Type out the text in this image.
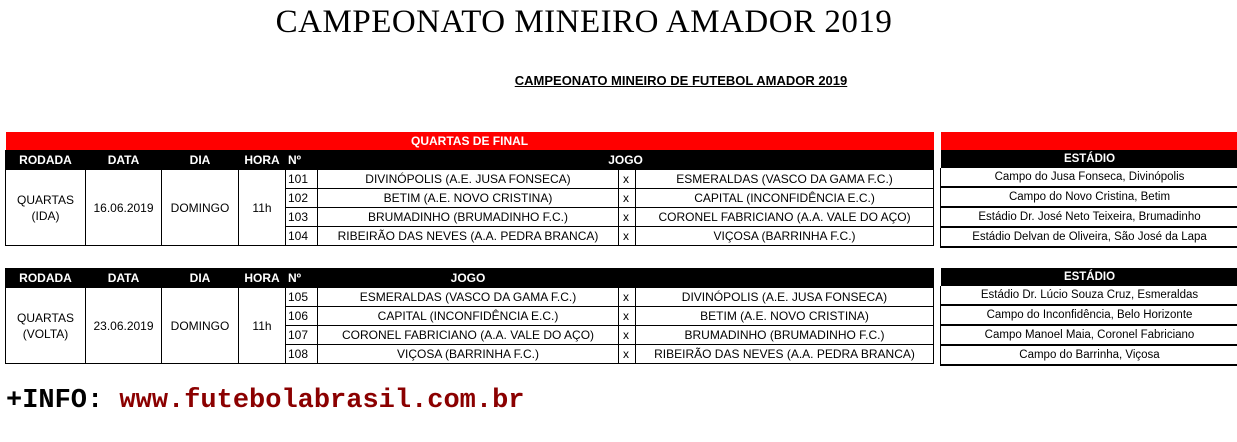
CAMPEONATO MINEIRO AMADOR 2019
CAMPEONATO MINEIRO DE FUTEBOL AMADOR 2019
QUARTAS DE FINAL							
RODADA	DATA	DIA	HORA	Nº	JOGO		
QUARTAS
(IDA)	16.06.2019	DOMINGO	11h	101	DIVINÓPOLIS (A.E. JUSA FONSECA)	x	ESMERALDAS (VASCO DA GAMA F.C.)
				102	BETIM (A.E. NOVO CRISTINA)	x	CAPITAL (INCONFIDÊNCIA E.C.)
				103	BRUMADINHO (BRUMADINHO F.C.)	x	CORONEL FABRICIANO (A.A. VALE DO AÇO)
				104	RIBEIRÃO DAS NEVES (A.A. PEDRA BRANCA)	x	VIÇOSA (BARRINHA F.C.)

ESTÁDIO
Campo do Jusa Fonseca, Divinópolis
Campo do Novo Cristina, Betim
Estádio Dr. José Neto Teixeira, Brumadinho
Estádio Delvan de Oliveira, São José da Lapa
RODADA	DATA	DIA	HORA	Nº	JOGO		
QUARTAS
(VOLTA)	23.06.2019	DOMINGO	11h	105	ESMERALDAS (VASCO DA GAMA F.C.)	x	DIVINÓPOLIS (A.E. JUSA FONSECA)
				106	CAPITAL (INCONFIDÊNCIA E.C.)	x	BETIM (A.E. NOVO CRISTINA)
				107	CORONEL FABRICIANO (A.A. VALE DO AÇO)	x	BRUMADINHO (BRUMADINHO F.C.)
				108	VIÇOSA (BARRINHA F.C.)	x	RIBEIRÃO DAS NEVES (A.A. PEDRA BRANCA)
ESTÁDIO
Estádio Dr. Lúcio Souza Cruz, Esmeraldas
Campo do Inconfidência, Belo Horizonte
Campo Manoel Maia, Coronel Fabriciano
Campo do Barrinha, Viçosa
+INFO: www.futebolabrasil.com.br
